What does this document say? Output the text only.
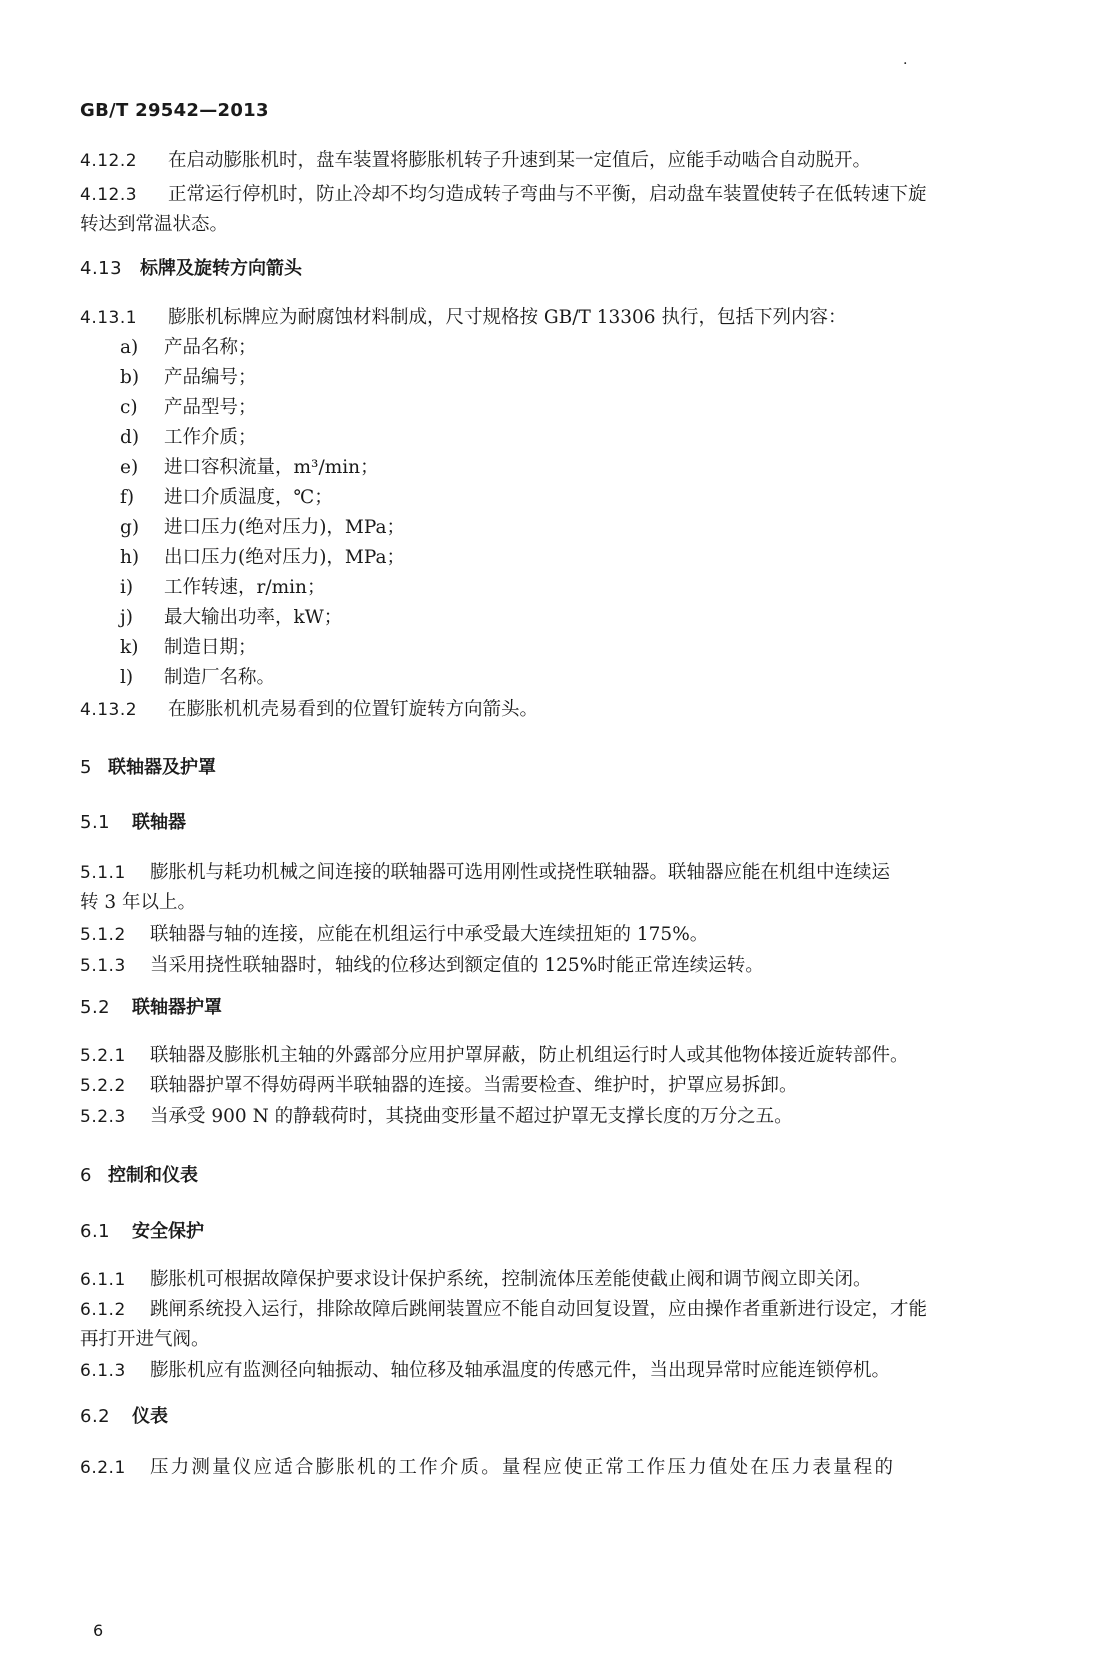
.
GB/T 29542—2013
4.12.2 在启动膨胀机时，盘车装置将膨胀机转子升速到某一定值后，应能手动啮合自动脱开。
4.12.3 正常运行停机时，防止冷却不均匀造成转子弯曲与不平衡，启动盘车装置使转子在低转速下旋
转达到常温状态。
4.13 标牌及旋转方向箭头
4.13.1 膨胀机标牌应为耐腐蚀材料制成，尺寸规格按 GB/T 13306 执行，包括下列内容：
a) 产品名称；
b) 产品编号；
c) 产品型号；
d) 工作介质；
e) 进口容积流量，m³/min；
f) 进口介质温度，℃；
g) 进口压力(绝对压力)，MPa；
h) 出口压力(绝对压力)，MPa；
i) 工作转速，r/min；
j) 最大输出功率，kW；
k) 制造日期；
l) 制造厂名称。
4.13.2 在膨胀机机壳易看到的位置钉旋转方向箭头。
5 联轴器及护罩
5.1 联轴器
5.1.1 膨胀机与耗功机械之间连接的联轴器可选用刚性或挠性联轴器。联轴器应能在机组中连续运
转 3 年以上。
5.1.2 联轴器与轴的连接，应能在机组运行中承受最大连续扭矩的 175%。
5.1.3 当采用挠性联轴器时，轴线的位移达到额定值的 125%时能正常连续运转。
5.2 联轴器护罩
5.2.1 联轴器及膨胀机主轴的外露部分应用护罩屏蔽，防止机组运行时人或其他物体接近旋转部件。
5.2.2 联轴器护罩不得妨碍两半联轴器的连接。当需要检查、维护时，护罩应易拆卸。
5.2.3 当承受 900 N 的静载荷时，其挠曲变形量不超过护罩无支撑长度的万分之五。
6 控制和仪表
6.1 安全保护
6.1.1 膨胀机可根据故障保护要求设计保护系统，控制流体压差能使截止阀和调节阀立即关闭。
6.1.2 跳闸系统投入运行，排除故障后跳闸装置应不能自动回复设置，应由操作者重新进行设定，才能
再打开进气阀。
6.1.3 膨胀机应有监测径向轴振动、轴位移及轴承温度的传感元件，当出现异常时应能连锁停机。
6.2 仪表
6.2.1 压力测量仪应适合膨胀机的工作介质。量程应使正常工作压力值处在压力表量程的
6
